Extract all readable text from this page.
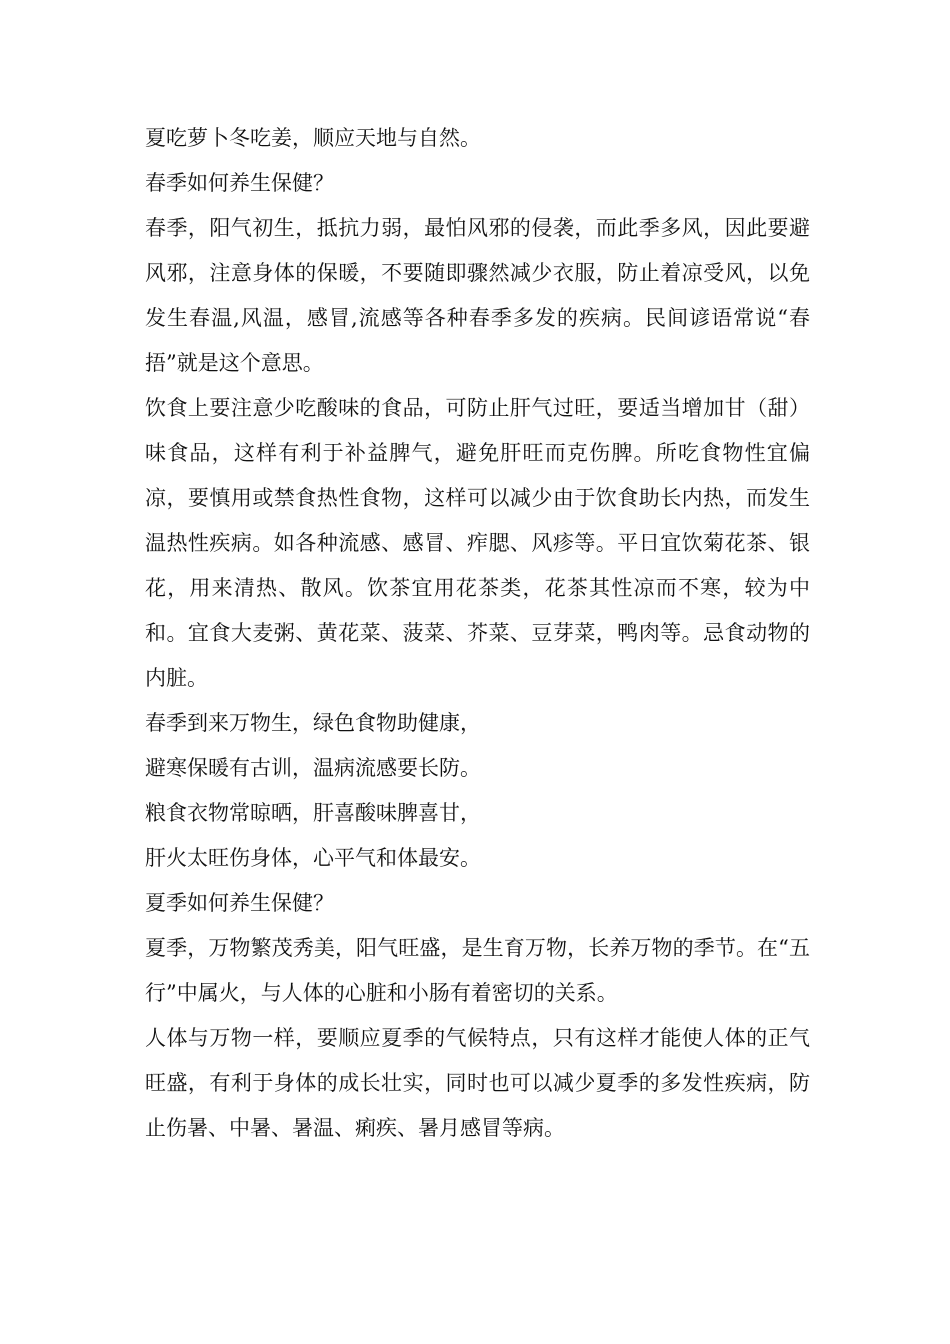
夏吃萝卜冬吃姜，顺应天地与自然。

春季如何养生保健？

春季，阳气初生，抵抗力弱，最怕风邪的侵袭，而此季多风，因此要避风邪，注意身体的保暖，不要随即骤然减少衣服，防止着凉受风，以免发生春温,风温，感冒,流感等各种春季多发的疾病。民间谚语常说“春捂”就是这个意思。

饮食上要注意少吃酸味的食品，可防止肝气过旺，要适当增加甘（甜）味食品，这样有利于补益脾气，避免肝旺而克伤脾。所吃食物性宜偏凉，要慎用或禁食热性食物，这样可以减少由于饮食助长内热，而发生温热性疾病。如各种流感、感冒、痄腮、风疹等。平日宜饮菊花茶、银花，用来清热、散风。饮茶宜用花茶类，花茶其性凉而不寒，较为中和。宜食大麦粥、黄花菜、菠菜、芥菜、豆芽菜，鸭肉等。忌食动物的内脏。

春季到来万物生，绿色食物助健康，

避寒保暖有古训，温病流感要长防。

粮食衣物常晾晒，肝喜酸味脾喜甘，

肝火太旺伤身体，心平气和体最安。

夏季如何养生保健？

夏季，万物繁茂秀美，阳气旺盛，是生育万物，长养万物的季节。在“五行”中属火，与人体的心脏和小肠有着密切的关系。

人体与万物一样，要顺应夏季的气候特点，只有这样才能使人体的正气旺盛，有利于身体的成长壮实，同时也可以减少夏季的多发性疾病，防止伤暑、中暑、暑温、痢疾、暑月感冒等病。
